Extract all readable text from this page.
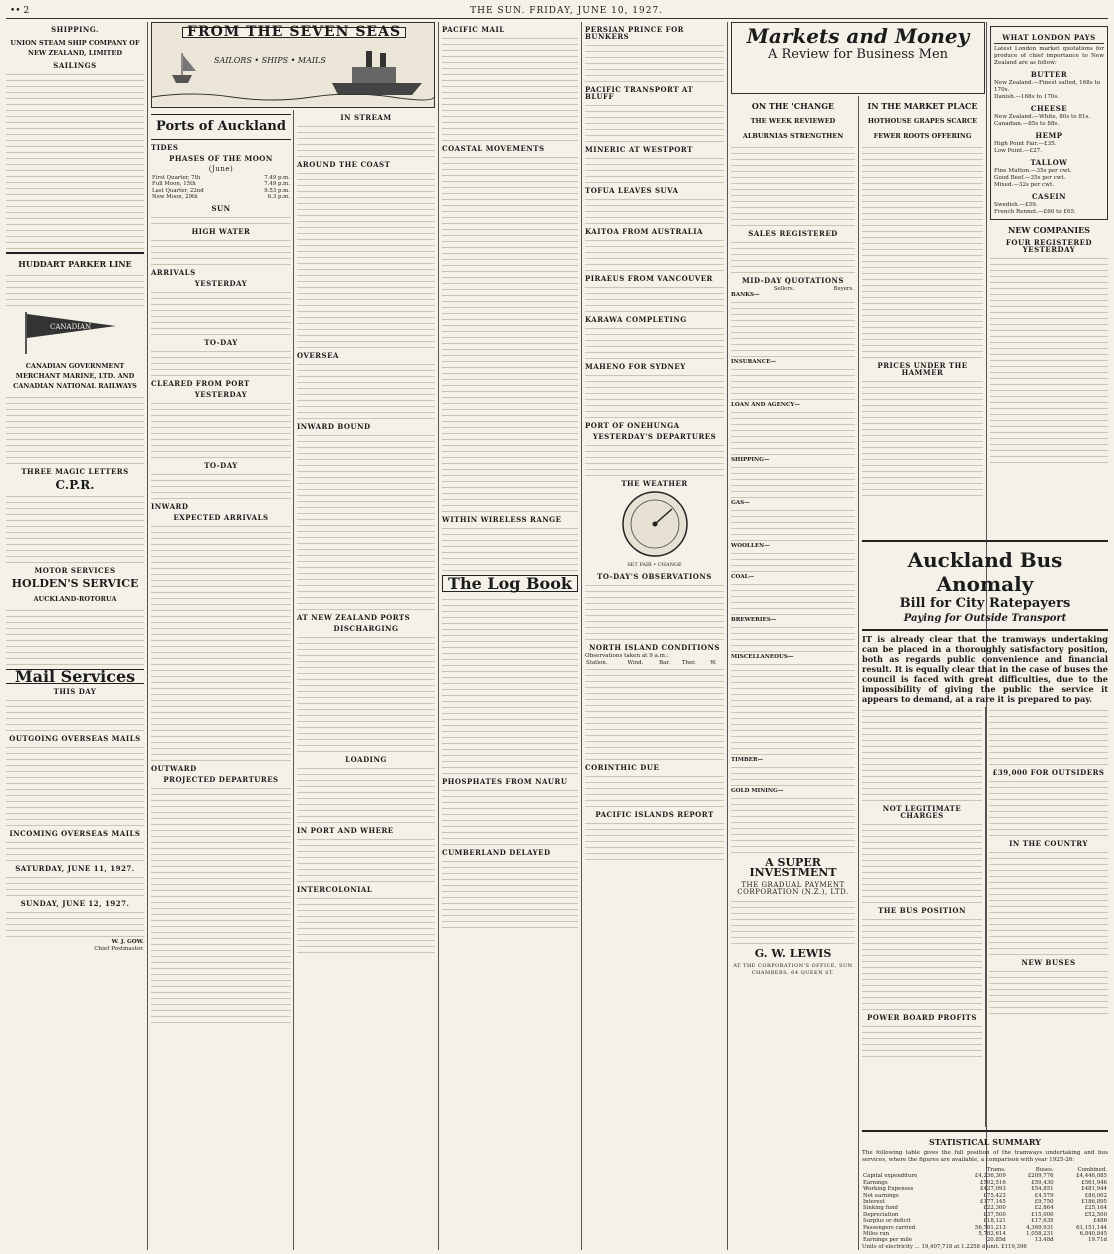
•• 2	THE SUN. FRIDAY, JUNE 10, 1927.
SHIPPING.
UNION STEAM SHIP COMPANY OF NEW ZEALAND, LIMITED
SAILINGS
HUDDART PARKER LINE
CANADIAN
CANADIAN GOVERNMENT MERCHANT MARINE, LTD. AND CANADIAN NATIONAL RAILWAYS
THREE MAGIC LETTERS
C.P.R.
MOTOR SERVICES
HOLDEN'S SERVICE
AUCKLAND-ROTORUA
Mail Services
THIS DAY
OUTGOING OVERSEAS MAILS
INCOMING OVERSEAS MAILS
SATURDAY, JUNE 11, 1927.
SUNDAY, JUNE 12, 1927.
W. J. GOW.
Chief Postmaster.
FROM THE SEVEN SEAS
SAILORS • SHIPS • MAILS
Ports of Auckland
TIDES
PHASES OF THE MOON
(June)
First Quarter, 7th	7.49 p.m.
Full Moon, 15th	7.49 p.m.
Last Quarter, 22nd	9.53 p.m.
New Moon, 29th	6.3 p.m.
SUN
HIGH WATER
ARRIVALS
YESTERDAY
TO-DAY
CLEARED FROM PORT
YESTERDAY
TO-DAY
INWARD
EXPECTED ARRIVALS
OUTWARD
PROJECTED DEPARTURES
IN STREAM
AROUND THE COAST
OVERSEA
INWARD BOUND
AT NEW ZEALAND PORTS
DISCHARGING
LOADING
IN PORT AND WHERE
INTERCOLONIAL
PACIFIC MAIL
COASTAL MOVEMENTS
WITHIN WIRELESS RANGE
The Log Book
PHOSPHATES FROM NAURU
CUMBERLAND DELAYED
PERSIAN PRINCE FOR BUNKERS
PACIFIC TRANSPORT AT BLUFF
MINERIC AT WESTPORT
TOFUA LEAVES SUVA
KAITOA FROM AUSTRALIA
PIRAEUS FROM VANCOUVER
KARAWA COMPLETING
MAHENO FOR SYDNEY
PORT OF ONEHUNGA
YESTERDAY'S DEPARTURES
THE WEATHER
SET FAIR • CHANGE
TO-DAY'S OBSERVATIONS
NORTH ISLAND CONDITIONS
Observations taken at 9 a.m.:
Station.	Wind.	Bar.	Ther.	W.
CORINTHIC DUE
PACIFIC ISLANDS REPORT
Markets and Money
A Review for Business Men
ON THE 'CHANGE
THE WEEK REVIEWED
ALBURNIAS STRENGTHEN
SALES REGISTERED
MID-DAY QUOTATIONS
	Sellers.	Buyers.
BANKS—
INSURANCE—
LOAN AND AGENCY—
SHIPPING—
GAS—
WOOLLEN—
COAL—
BREWERIES—
MISCELLANEOUS—
TIMBER—
GOLD MINING—
A SUPER INVESTMENT
THE GRADUAL PAYMENT CORPORATION (N.Z.), LTD.
G. W. LEWIS
AT THE CORPORATION'S OFFICE, SUN CHAMBERS, 64 QUEEN ST.
IN THE MARKET PLACE
HOTHOUSE GRAPES SCARCE
FEWER ROOTS OFFERING
PRICES UNDER THE HAMMER
WHAT LONDON PAYS

Latest London market quotations for produce of chief importance to New Zealand are as follow:

BUTTER
New Zealand.—Finest salted, 168s to 170s.
Danish.—168s to 170s.
CHEESE
New Zealand.—White, 80s to 81s.
Canadian.—85s to 88s.
HEMP
High Point Fair.—£35.
Low Point.—£27.
TALLOW
Fine Mutton.—35s per cwt.
Good Beef.—35s per cwt.
Mixed.—32s per cwt.
CASEIN
Swedish.—£59.
French Rennet.—£60 to £65.
NEW COMPANIES
FOUR REGISTERED YESTERDAY
Auckland Bus Anomaly
Bill for City Ratepayers
Paying for Outside Transport

IT is already clear that the tramways undertaking can be placed in a thoroughly satisfactory position, both as regards public convenience and financial result. It is equally clear that in the case of buses the council is faced with great difficulties, due to the impossibility of giving the public the service it appears to demand, at a rare it is prepared to pay.

NOT LEGITIMATE CHARGES
THE BUS POSITION
POWER BOARD PROFITS
£39,000 FOR OUTSIDERS
IN THE COUNTRY
NEW BUSES
STATISTICAL SUMMARY

The following table gives the full position of the tramways undertaking and bus services, where the figures are available, a comparison with year 1925-26:

	Trams.	Buses.	Combined.
Capital expenditure	£4,236,309	£209,776	£4,446,085
Earnings	£502,516	£59,430	£561,946
Working Expenses	£427,093	£54,851	£481,944
Net earnings	£75,423	£4,579	£80,002
Interest	£177,145	£9,750	£186,895
Sinking fund	£22,300	£2,864	£25,164
Depreciation	£37,500	£15,000	£52,500
Surplus or deficit	£18,121	£17,635	£486
Passengers carried	56,781,213	4,369,931	61,151,144
Miles run	5,782,614	1,058,231	6,840,845
Earnings per mile	20.85d	13.48d	19.71d
Units of electricity ... 19,407,718 at 1.2258 d unit. £119,396
